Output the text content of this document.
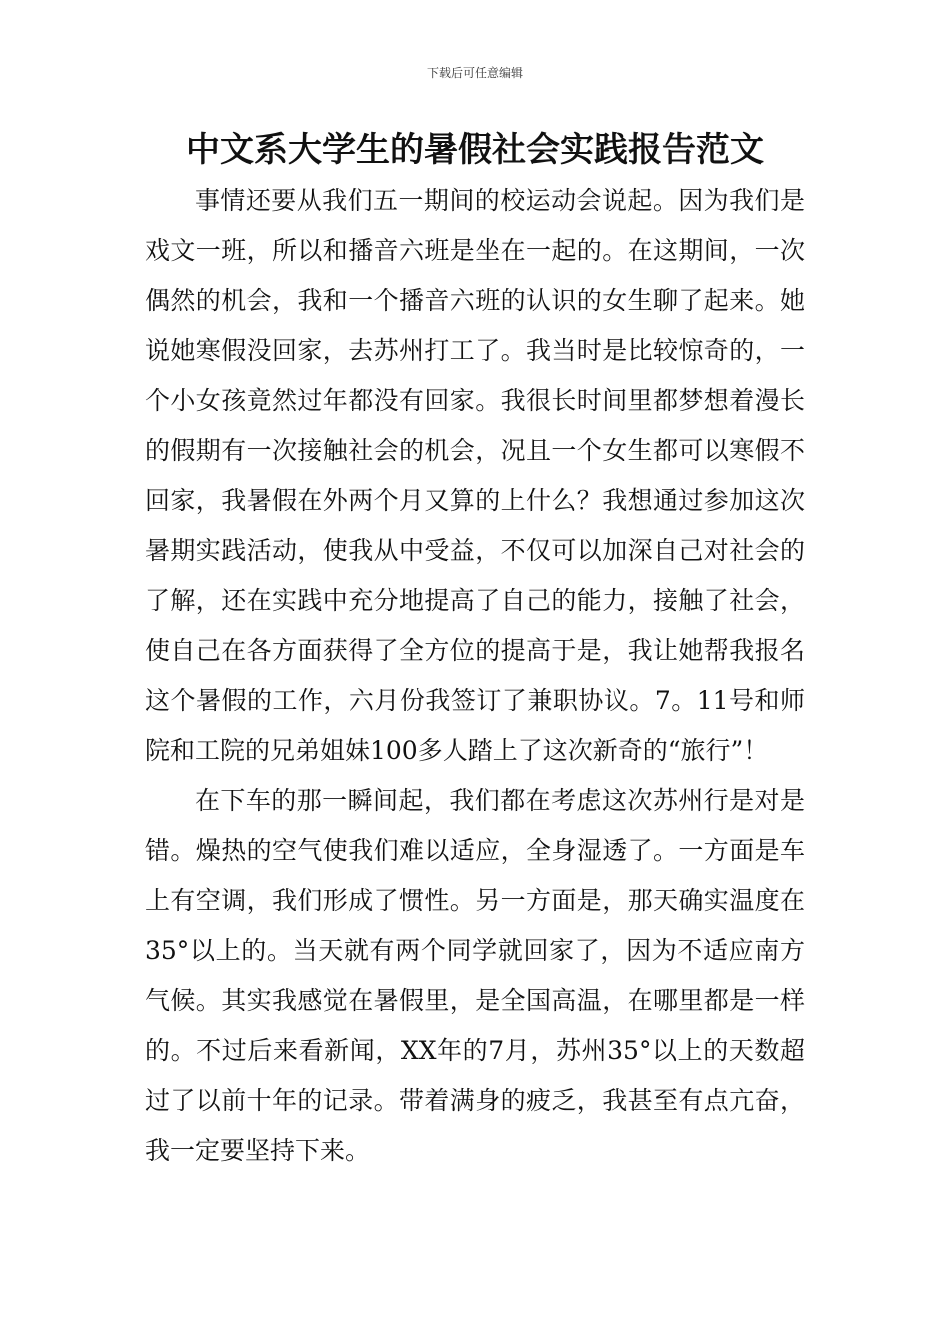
下载后可任意编辑
中文系大学生的暑假社会实践报告范文

事情还要从我们五一期间的校运动会说起。因为我们是戏文一班，所以和播音六班是坐在一起的。在这期间，一次偶然的机会，我和一个播音六班的认识的女生聊了起来。她说她寒假没回家，去苏州打工了。我当时是比较惊奇的，一个小女孩竟然过年都没有回家。我很长时间里都梦想着漫长的假期有一次接触社会的机会，况且一个女生都可以寒假不回家，我暑假在外两个月又算的上什么？我想通过参加这次暑期实践活动，使我从中受益，不仅可以加深自己对社会的了解，还在实践中充分地提高了自己的能力，接触了社会，使自己在各方面获得了全方位的提高于是，我让她帮我报名这个暑假的工作，六月份我签订了兼职协议。7。11号和师院和工院的兄弟姐妹100多人踏上了这次新奇的“旅行”！

在下车的那一瞬间起，我们都在考虑这次苏州行是对是错。燥热的空气使我们难以适应，全身湿透了。一方面是车上有空调，我们形成了惯性。另一方面是，那天确实温度在35°以上的。当天就有两个同学就回家了，因为不适应南方气候。其实我感觉在暑假里，是全国高温，在哪里都是一样的。不过后来看新闻，XX年的7月，苏州35°以上的天数超过了以前十年的记录。带着满身的疲乏，我甚至有点亢奋，我一定要坚持下来。
